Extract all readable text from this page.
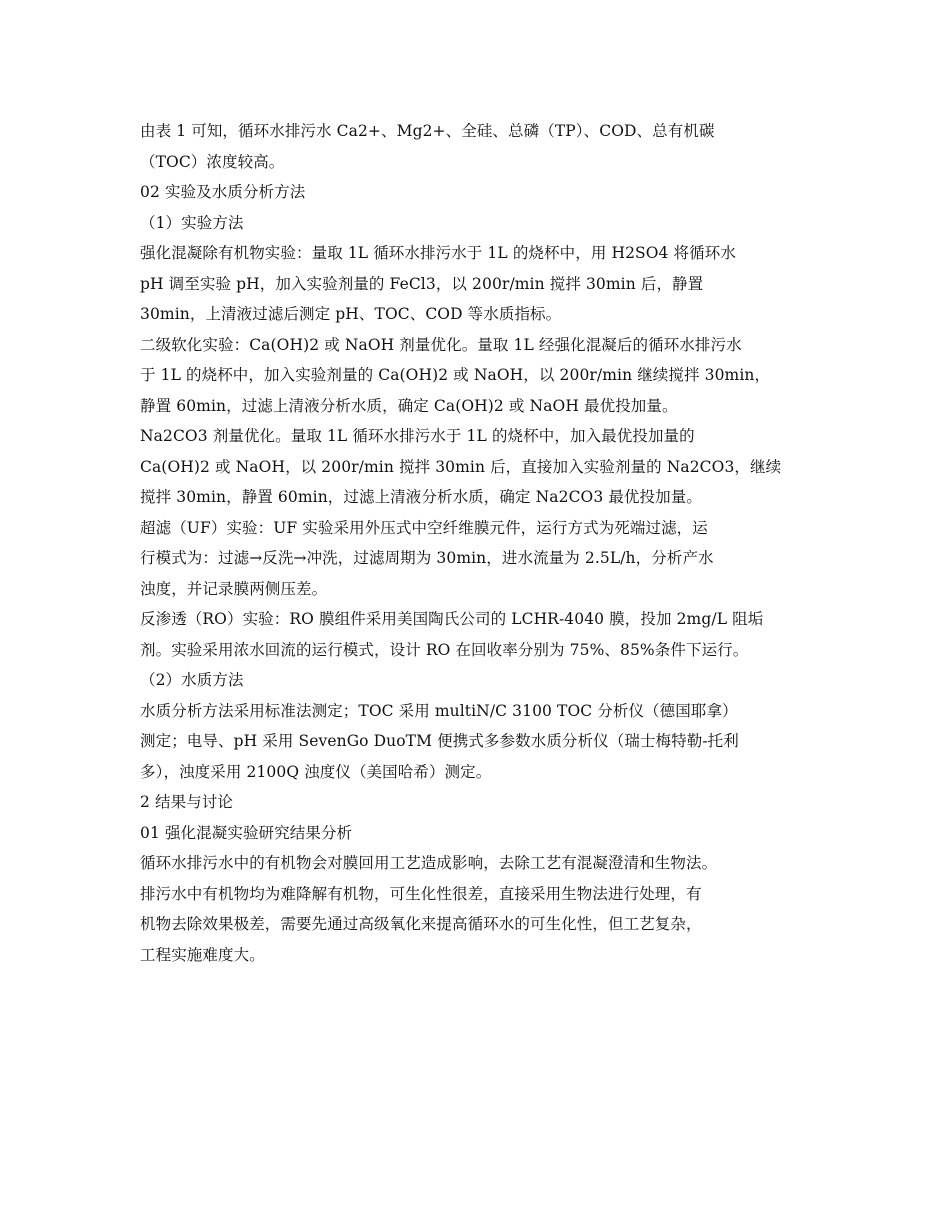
由表 1 可知，循环水排污水 Ca2+、Mg2+、全硅、总磷（TP）、COD、总有机碳
（TOC）浓度较高。
02 实验及水质分析方法
（1）实验方法
强化混凝除有机物实验：量取 1L 循环水排污水于 1L 的烧杯中，用 H2SO4 将循环水
pH 调至实验 pH，加入实验剂量的 FeCl3，以 200r/min 搅拌 30min 后，静置
30min，上清液过滤后测定 pH、TOC、COD 等水质指标。
二级软化实验：Ca(OH)2 或 NaOH 剂量优化。量取 1L 经强化混凝后的循环水排污水
于 1L 的烧杯中，加入实验剂量的 Ca(OH)2 或 NaOH，以 200r/min 继续搅拌 30min，
静置 60min，过滤上清液分析水质，确定 Ca(OH)2 或 NaOH 最优投加量。
Na2CO3 剂量优化。量取 1L 循环水排污水于 1L 的烧杯中，加入最优投加量的
Ca(OH)2 或 NaOH，以 200r/min 搅拌 30min 后，直接加入实验剂量的 Na2CO3，继续
搅拌 30min，静置 60min，过滤上清液分析水质，确定 Na2CO3 最优投加量。
超滤（UF）实验：UF 实验采用外压式中空纤维膜元件，运行方式为死端过滤，运
行模式为：过滤→反洗→冲洗，过滤周期为 30min，进水流量为 2.5L/h，分析产水
浊度，并记录膜两侧压差。
反渗透（RO）实验：RO 膜组件采用美国陶氏公司的 LCHR-4040 膜，投加 2mg/L 阻垢
剂。实验采用浓水回流的运行模式，设计 RO 在回收率分别为 75%、85%条件下运行。
（2）水质方法
水质分析方法采用标准法测定；TOC 采用 multiN/C 3100 TOC 分析仪（德国耶拿）
测定；电导、pH 采用 SevenGo DuoTM 便携式多参数水质分析仪（瑞士梅特勒-托利
多），浊度采用 2100Q 浊度仪（美国哈希）测定。
2 结果与讨论
01 强化混凝实验研究结果分析
循环水排污水中的有机物会对膜回用工艺造成影响，去除工艺有混凝澄清和生物法。
排污水中有机物均为难降解有机物，可生化性很差，直接采用生物法进行处理，有
机物去除效果极差，需要先通过高级氧化来提高循环水的可生化性，但工艺复杂，
工程实施难度大。
